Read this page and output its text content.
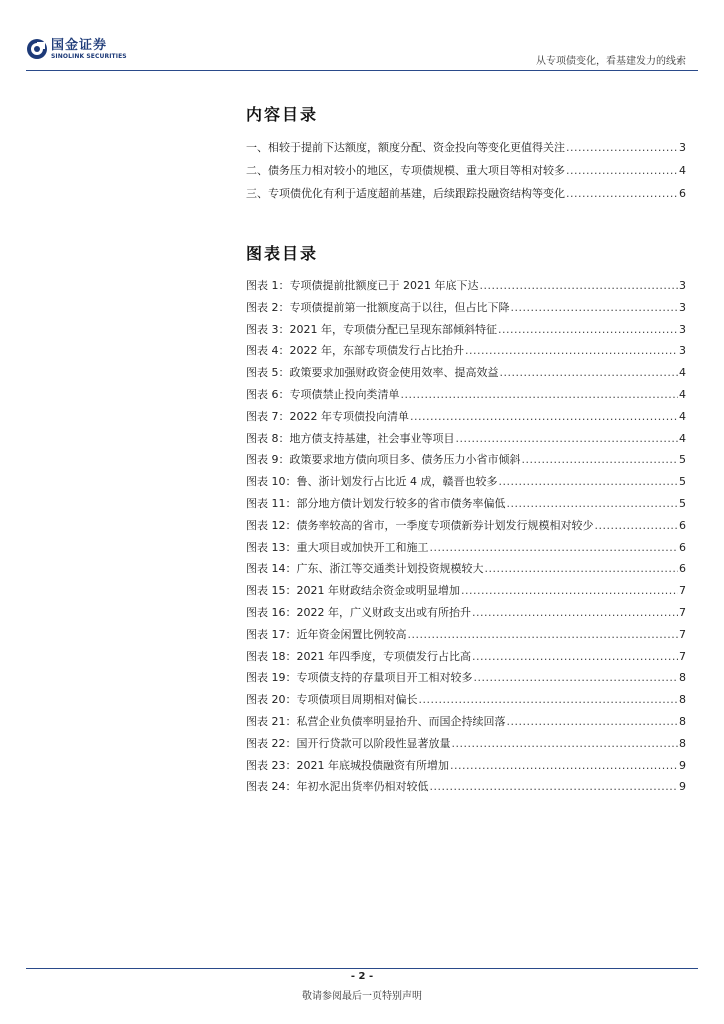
国金证券
SINOLINK SECURITIES	从专项债变化，看基建发力的线索
内容目录
一、相较于提前下达额度，额度分配、资金投向等变化更值得关注 .....	3
二、债务压力相对较小的地区，专项债规模、重大项目等相对较多 .....	4
三、专项债优化有利于适度超前基建，后续跟踪投融资结构等变化 .....	6
图表目录
图表 1：专项债提前批额度已于 2021 年底下达 .....	3
图表 2：专项债提前第一批额度高于以往，但占比下降 .....	3
图表 3：2021 年，专项债分配已呈现东部倾斜特征 .....	3
图表 4：2022 年，东部专项债发行占比抬升 .....	3
图表 5：政策要求加强财政资金使用效率、提高效益 .....	4
图表 6：专项债禁止投向类清单 .....	4
图表 7：2022 年专项债投向清单 .....	4
图表 8：地方债支持基建，社会事业等项目 .....	4
图表 9：政策要求地方债向项目多、债务压力小省市倾斜 .....	5
图表 10：鲁、浙计划发行占比近 4 成，赣晋也较多 .....	5
图表 11：部分地方债计划发行较多的省市债务率偏低 .....	5
图表 12：债务率较高的省市，一季度专项债新券计划发行规模相对较少 .....	6
图表 13：重大项目或加快开工和施工 .....	6
图表 14：广东、浙江等交通类计划投资规模较大 .....	6
图表 15：2021 年财政结余资金或明显增加 .....	7
图表 16：2022 年，广义财政支出或有所抬升 .....	7
图表 17：近年资金闲置比例较高 .....	7
图表 18：2021 年四季度，专项债发行占比高 .....	7
图表 19：专项债支持的存量项目开工相对较多 .....	8
图表 20：专项债项目周期相对偏长 .....	8
图表 21：私营企业负债率明显抬升、而国企持续回落 .....	8
图表 22：国开行贷款可以阶段性显著放量 .....	8
图表 23：2021 年底城投债融资有所增加 .....	9
图表 24：年初水泥出货率仍相对较低 .....	9
- 2 -
敬请参阅最后一页特别声明
